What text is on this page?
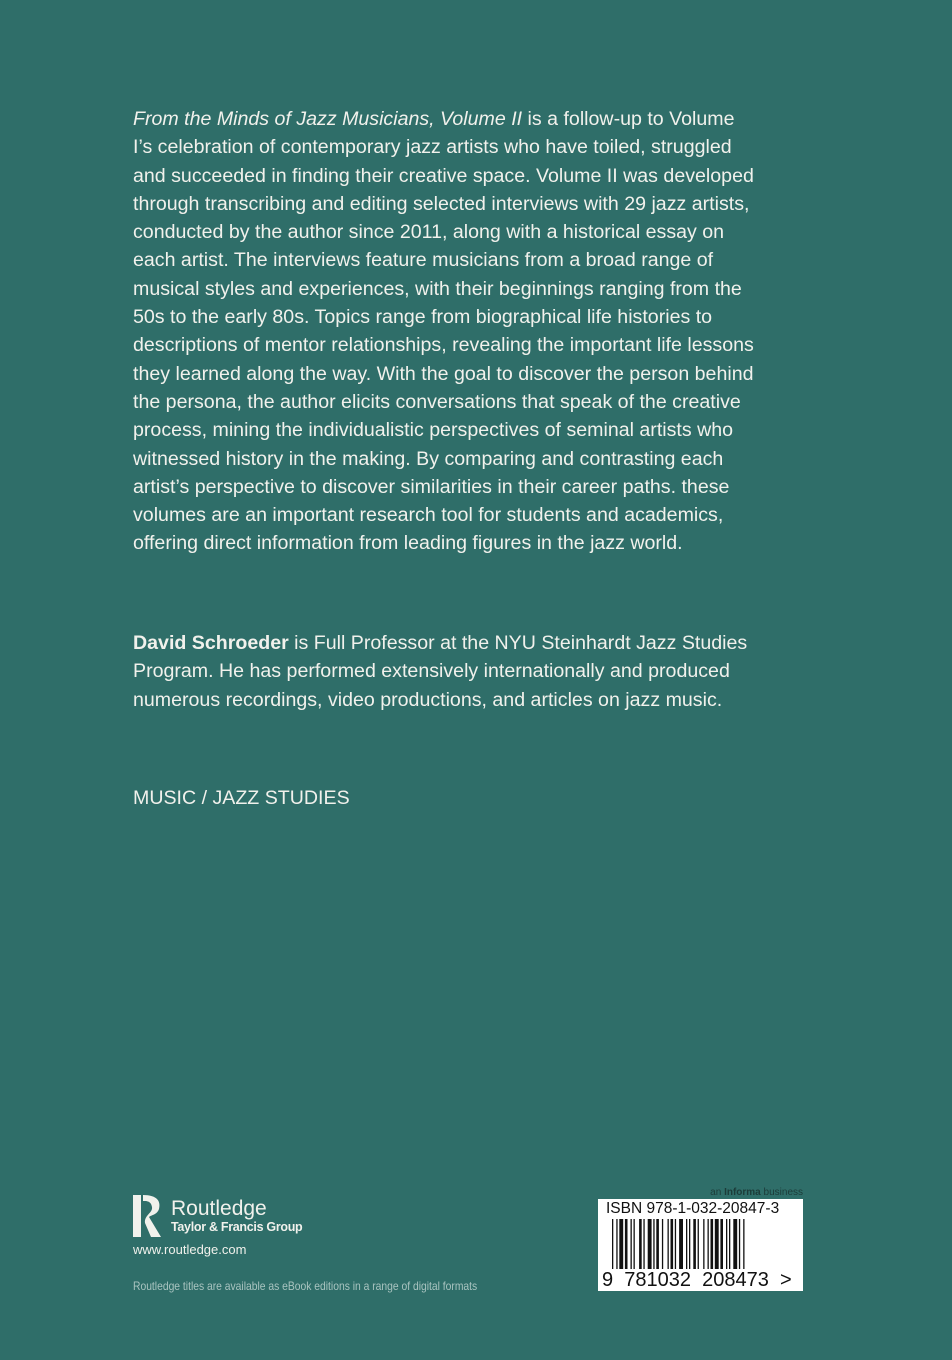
From the Minds of Jazz Musicians, Volume II is a follow-up to Volume
I’s celebration of contemporary jazz artists who have toiled, struggled
and succeeded in finding their creative space. Volume II was developed
through transcribing and editing selected interviews with 29 jazz artists,
conducted by the author since 2011, along with a historical essay on
each artist. The interviews feature musicians from a broad range of
musical styles and experiences, with their beginnings ranging from the
50s to the early 80s. Topics range from biographical life histories to
descriptions of mentor relationships, revealing the important life lessons
they learned along the way. With the goal to discover the person behind
the persona, the author elicits conversations that speak of the creative
process, mining the individualistic perspectives of seminal artists who
witnessed history in the making. By comparing and contrasting each
artist’s perspective to discover similarities in their career paths. these
volumes are an important research tool for students and academics,
offering direct information from leading figures in the jazz world.
David Schroeder is Full Professor at the NYU Steinhardt Jazz Studies
Program. He has performed extensively internationally and produced
numerous recordings, video productions, and articles on jazz music.
MUSIC / JAZZ STUDIES
Routledge
Taylor & Francis Group
www.routledge.com
Routledge titles are available as eBook editions in a range of digital formats
an Informa business
ISBN 978-1-032-20847-3
9  781032  208473  >
